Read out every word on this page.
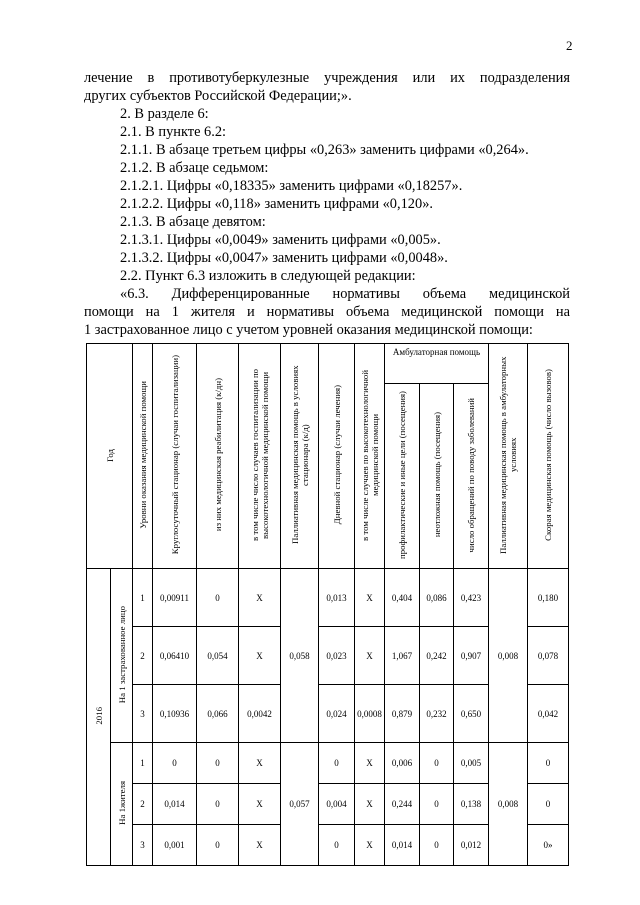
2

лечение в противотуберкулезные учреждения или их подразделения

других субъектов Российской Федерации;».

2. В разделе 6:

2.1. В пункте 6.2:

2.1.1. В абзаце третьем цифры «0,263» заменить цифрами «0,264».

2.1.2. В абзаце седьмом:

2.1.2.1. Цифры «0,18335» заменить цифрами «0,18257».

2.1.2.2. Цифры «0,118» заменить цифрами «0,120».

2.1.3. В абзаце девятом:

2.1.3.1. Цифры «0,0049» заменить цифрами «0,005».

2.1.3.2. Цифры «0,0047» заменить цифрами «0,0048».

2.2. Пункт 6.3 изложить в следующей редакции:

«6.3. Дифференцированные нормативы объема медицинской

помощи на 1 жителя и нормативы объема медицинской помощи на

1 застрахованное лицо с учетом уровней оказания медицинской помощи:

Год		Уровни оказания медицинской помощи	Круглосуточный стационар (случаи госпитализации)	из них медицинская реабилитация (к/дн)	в том числе число случаев госпитализации по высокотехнологичной медицинской помощи	Паллиативная медицинская помощь в условиях стационара (к/д)	Дневной стационар (случаи лечения)	в том числе случаев по высокотехнологичной медицинской помощи	Амбулаторная помощь			Паллиативная медицинская помощь в амбулаторных условиях	Скорая медицинская помощь (число вызовов)
									профилактические и иные цели (посещения)	неотложная помощь (посещения)	число обращений по поводу заболеваний		
2016	На 1 застрахованное лицо	1	0,00911	0	Х	0,058	0,013	Х	0,404	0,086	0,423	0,008	0,180
		2	0,06410	0,054	Х		0,023	Х	1,067	0,242	0,907		0,078
		3	0,10936	0,066	0,0042		0,024	0,0008	0,879	0,232	0,650		0,042
	На 1жителя	1	0	0	Х	0,057	0	Х	0,006	0	0,005	0,008	0
		2	0,014	0	Х		0,004	Х	0,244	0	0,138		0
		3	0,001	0	Х		0	Х	0,014	0	0,012		0»
